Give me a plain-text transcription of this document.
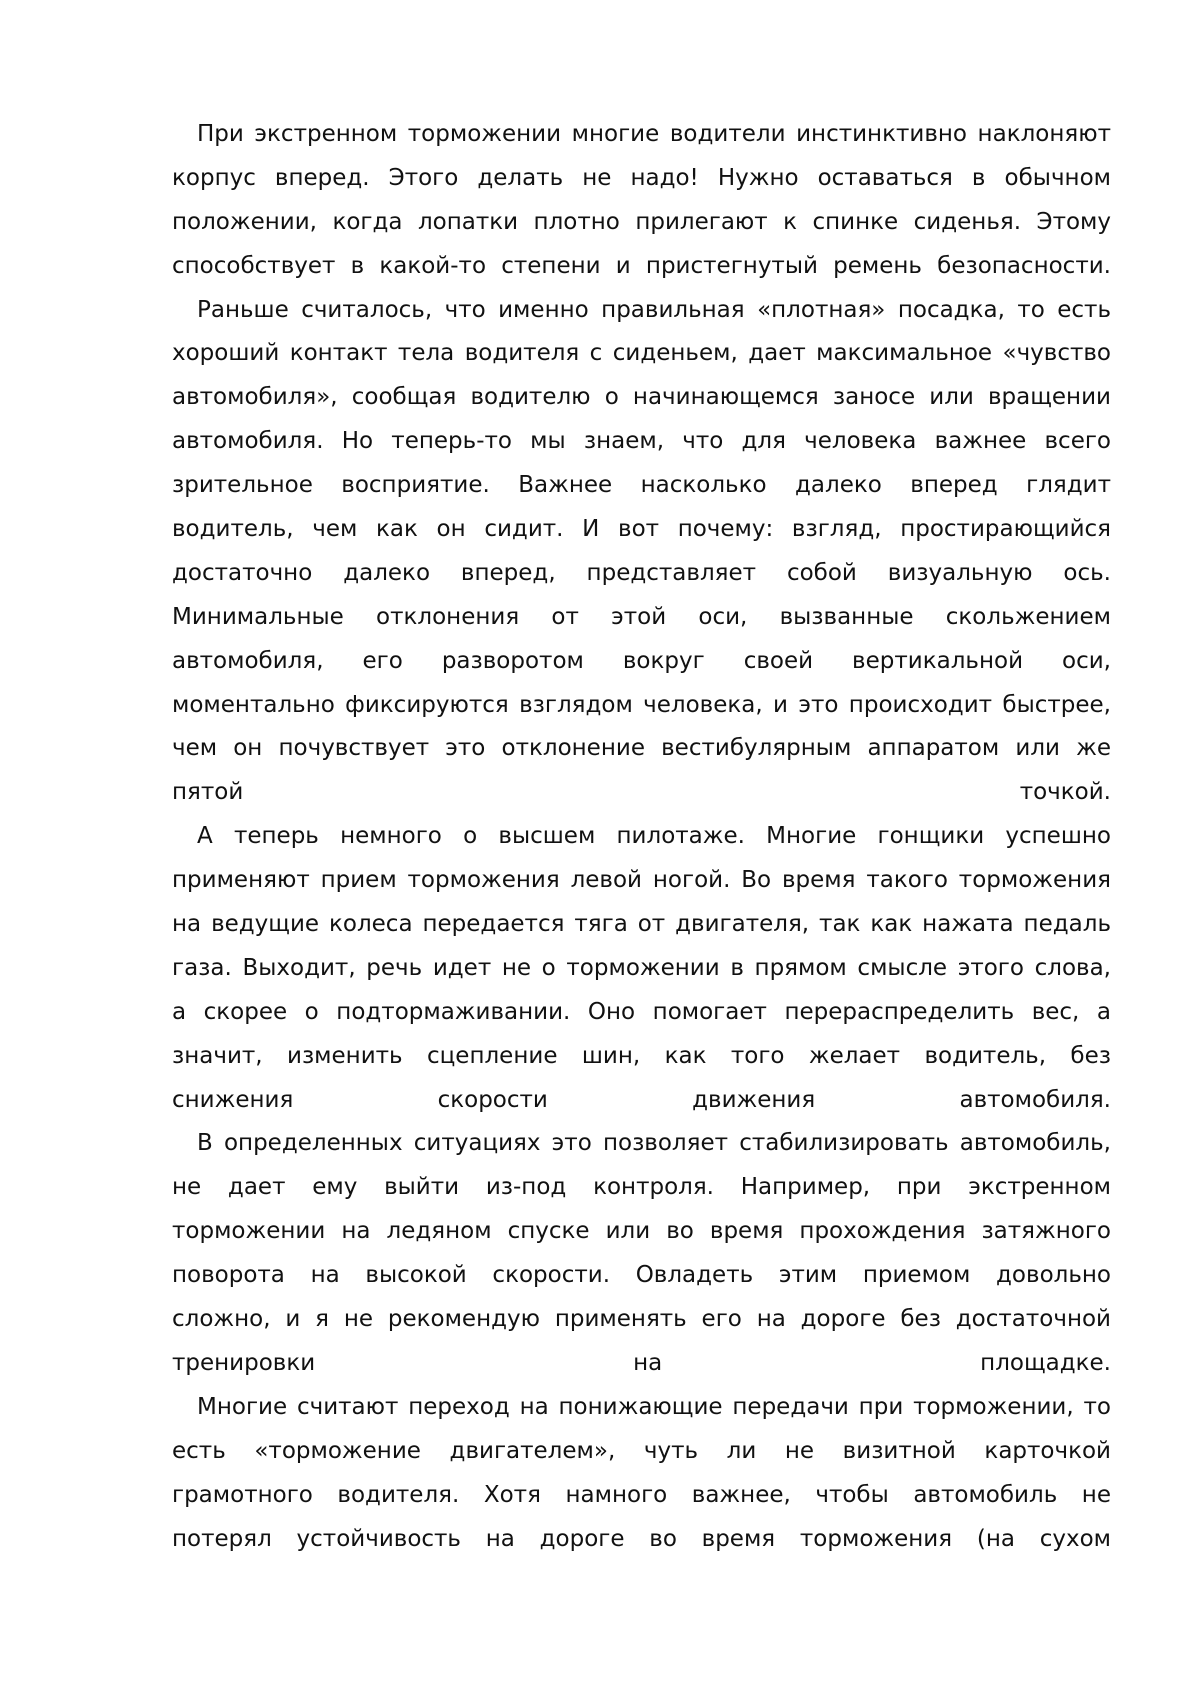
При экстренном торможении многие водители инстинктивно наклоняют
корпус вперед. Этого делать не надо! Нужно оставаться в обычном
положении, когда лопатки плотно прилегают к спинке сиденья. Этому
способствует в какой-то степени и пристегнутый ремень безопасности.

Раньше считалось, что именно правильная «плотная» посадка, то есть
хороший контакт тела водителя с сиденьем, дает максимальное «чувство
автомобиля», сообщая водителю о начинающемся заносе или вращении
автомобиля. Но теперь-то мы знаем, что для человека важнее всего
зрительное восприятие. Важнее насколько далеко вперед глядит
водитель, чем как он сидит. И вот почему: взгляд, простирающийся
достаточно далеко вперед, представляет собой визуальную ось.
Минимальные отклонения от этой оси, вызванные скольжением
автомобиля, его разворотом вокруг своей вертикальной оси,
моментально фиксируются взглядом человека, и это происходит быстрее,
чем он почувствует это отклонение вестибулярным аппаратом или же
пятой точкой.

А теперь немного о высшем пилотаже. Многие гонщики успешно
применяют прием торможения левой ногой. Во время такого торможения
на ведущие колеса передается тяга от двигателя, так как нажата педаль
газа. Выходит, речь идет не о торможении в прямом смысле этого слова,
а скорее о подтормаживании. Оно помогает перераспределить вес, а
значит, изменить сцепление шин, как того желает водитель, без
снижения скорости движения автомобиля.

В определенных ситуациях это позволяет стабилизировать автомобиль,
не дает ему выйти из-под контроля. Например, при экстренном
торможении на ледяном спуске или во время прохождения затяжного
поворота на высокой скорости. Овладеть этим приемом довольно
сложно, и я не рекомендую применять его на дороге без достаточной
тренировки на площадке.

Многие считают переход на понижающие передачи при торможении, то
есть «торможение двигателем», чуть ли не визитной карточкой
грамотного водителя. Хотя намного важнее, чтобы автомобиль не
потерял устойчивость на дороге во время торможения (на сухом
